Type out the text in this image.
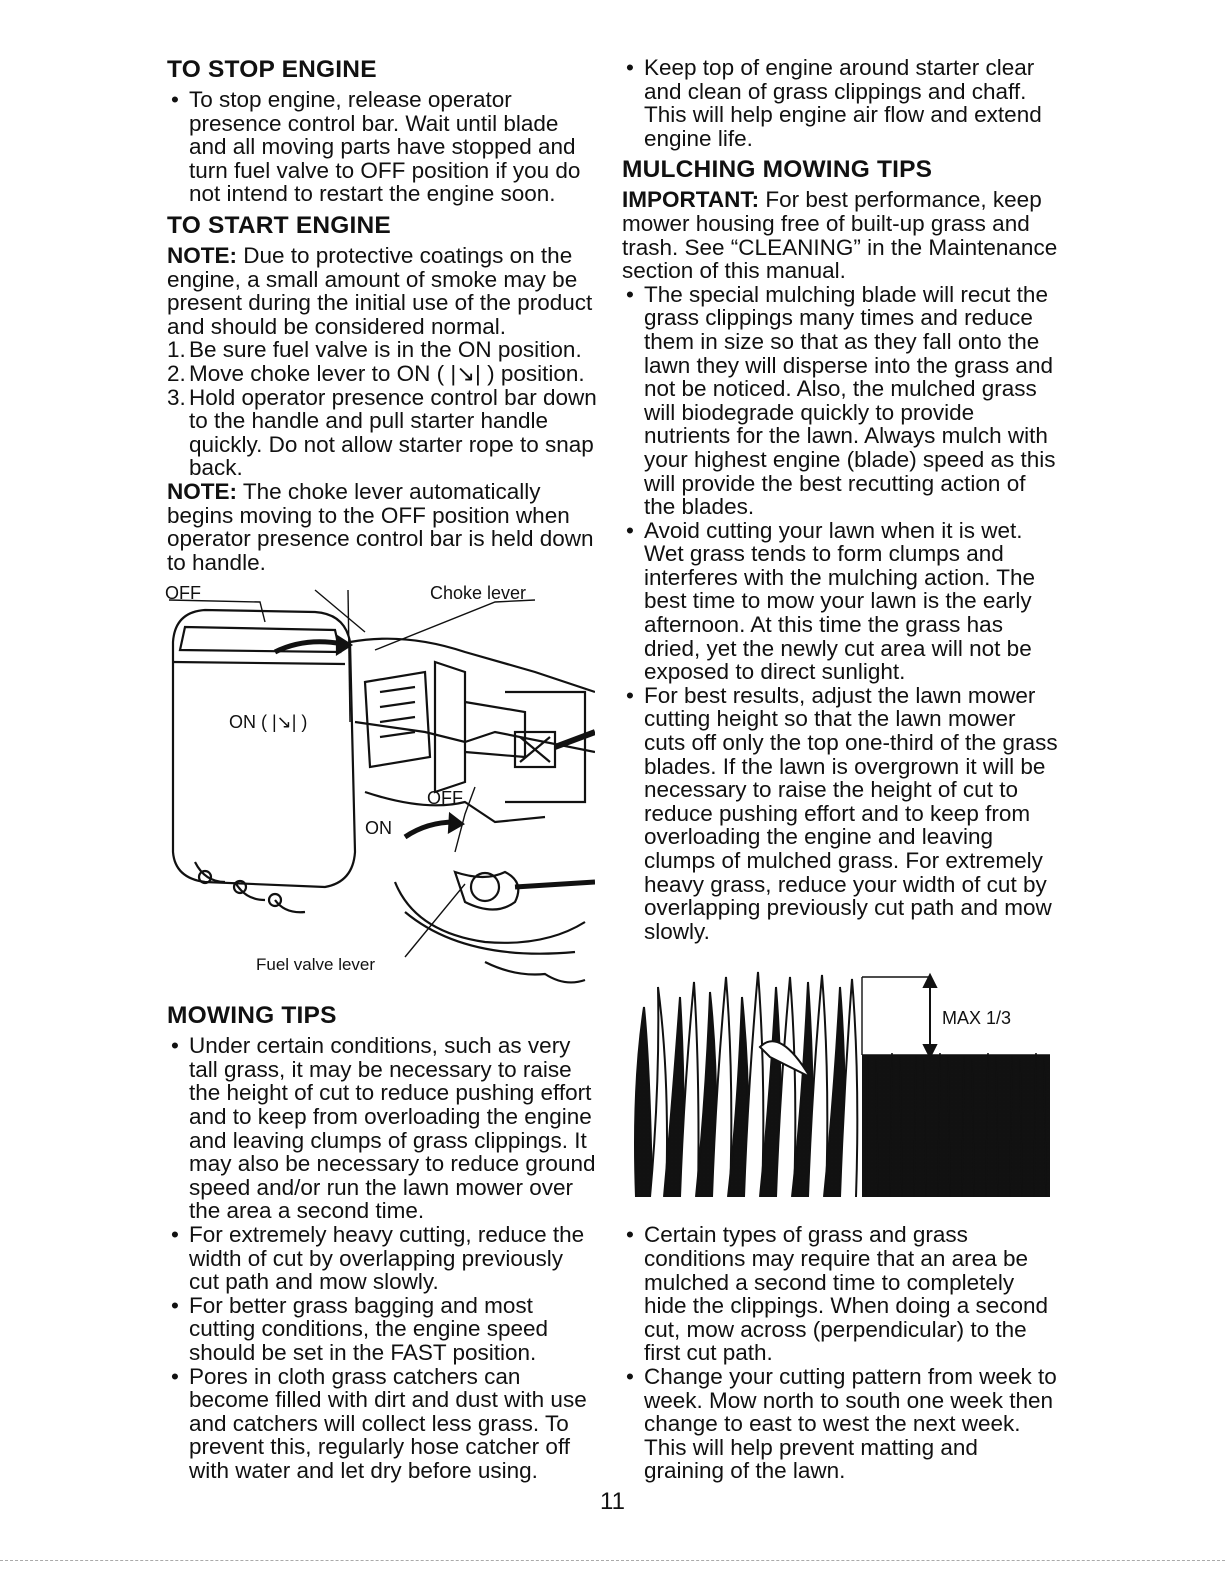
TO STOP ENGINE
• To stop engine, release operator presence control bar. Wait until blade and all moving parts have stopped and turn fuel valve to OFF position if you do not intend to restart the engine soon.
TO START ENGINE

NOTE: Due to protective coatings on the engine, a small amount of smoke may be present during the initial use of the product and should be considered normal.

1. Be sure fuel valve is in the ON position.
2. Move choke lever to ON ( |↘| ) position.
3. Hold operator presence control bar down to the handle and pull starter handle quickly. Do not allow starter rope to snap back.

NOTE: The choke lever automatically begins moving to the OFF position when operator presence control bar is held down to handle.

OFF	Choke lever
ON ( |↘| )
OFF
ON
Fuel valve lever
MOWING TIPS
• Under certain conditions, such as very tall grass, it may be necessary to raise the height of cut to reduce pushing effort and to keep from overloading the engine and leaving clumps of grass clippings. It may also be necessary to reduce ground speed and/or run the lawn mower over the area a second time.
• For extremely heavy cutting, reduce the width of cut by overlapping previously cut path and mow slowly.
• For better grass bagging and most cutting conditions, the engine speed should be set in the FAST position.
• Pores in cloth grass catchers can become filled with dirt and dust with use and catchers will collect less grass. To prevent this, regularly hose catcher off with water and let dry before using.
• Keep top of engine around starter clear and clean of grass clippings and chaff. This will help engine air flow and extend engine life.
MULCHING MOWING TIPS

IMPORTANT: For best performance, keep mower housing free of built-up grass and trash. See “CLEANING” in the Maintenance section of this manual.

• The special mulching blade will recut the grass clippings many times and reduce them in size so that as they fall onto the lawn they will disperse into the grass and not be noticed. Also, the mulched grass will biodegrade quickly to provide nutrients for the lawn. Always mulch with your highest engine (blade) speed as this will provide the best recutting action of the blades.
• Avoid cutting your lawn when it is wet. Wet grass tends to form clumps and interferes with the mulching action. The best time to mow your lawn is the early afternoon. At this time the grass has dried, yet the newly cut area will not be exposed to direct sunlight.
• For best results, adjust the lawn mower cutting height so that the lawn mower cuts off only the top one-third of the grass blades. If the lawn is overgrown it will be necessary to raise the height of cut to reduce pushing effort and to keep from overloading the engine and leaving clumps of mulched grass. For extremely heavy grass, reduce your width of cut by overlapping previously cut path and mow slowly.
MAX 1/3
• Certain types of grass and grass conditions may require that an area be mulched a second time to completely hide the clippings. When doing a second cut, mow across (perpendicular) to the first cut path.
• Change your cutting pattern from week to week. Mow north to south one week then change to east to west the next week. This will help prevent matting and graining of the lawn.
11
